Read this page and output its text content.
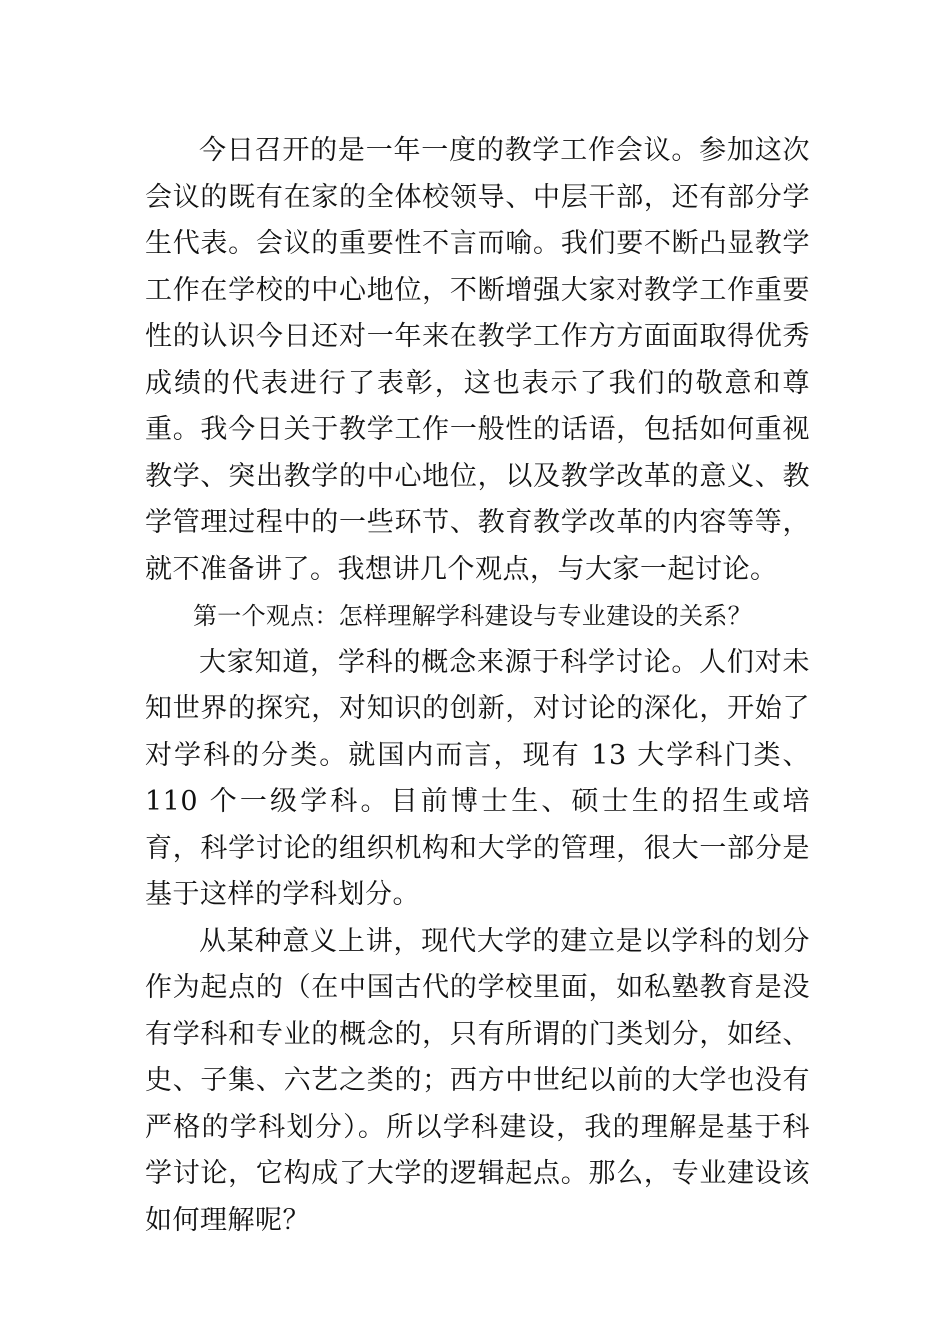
今日召开的是一年一度的教学工作会议。参加这次会议的既有在家的全体校领导、中层干部，还有部分学生代表。会议的重要性不言而喻。我们要不断凸显教学工作在学校的中心地位，不断增强大家对教学工作重要性的认识今日还对一年来在教学工作方方面面取得优秀成绩的代表进行了表彰，这也表示了我们的敬意和尊重。我今日关于教学工作一般性的话语，包括如何重视教学、突出教学的中心地位，以及教学改革的意义、教学管理过程中的一些环节、教育教学改革的内容等等，就不准备讲了。我想讲几个观点，与大家一起讨论。

第一个观点：怎样理解学科建设与专业建设的关系？

大家知道，学科的概念来源于科学讨论。人们对未知世界的探究，对知识的创新，对讨论的深化，开始了对学科的分类。就国内而言，现有 13 大学科门类、110 个一级学科。目前博士生、硕士生的招生或培育，科学讨论的组织机构和大学的管理，很大一部分是基于这样的学科划分。

从某种意义上讲，现代大学的建立是以学科的划分作为起点的（在中国古代的学校里面，如私塾教育是没有学科和专业的概念的，只有所谓的门类划分，如经、史、子集、六艺之类的；西方中世纪以前的大学也没有严格的学科划分）。所以学科建设，我的理解是基于科学讨论，它构成了大学的逻辑起点。那么，专业建设该如何理解呢？
